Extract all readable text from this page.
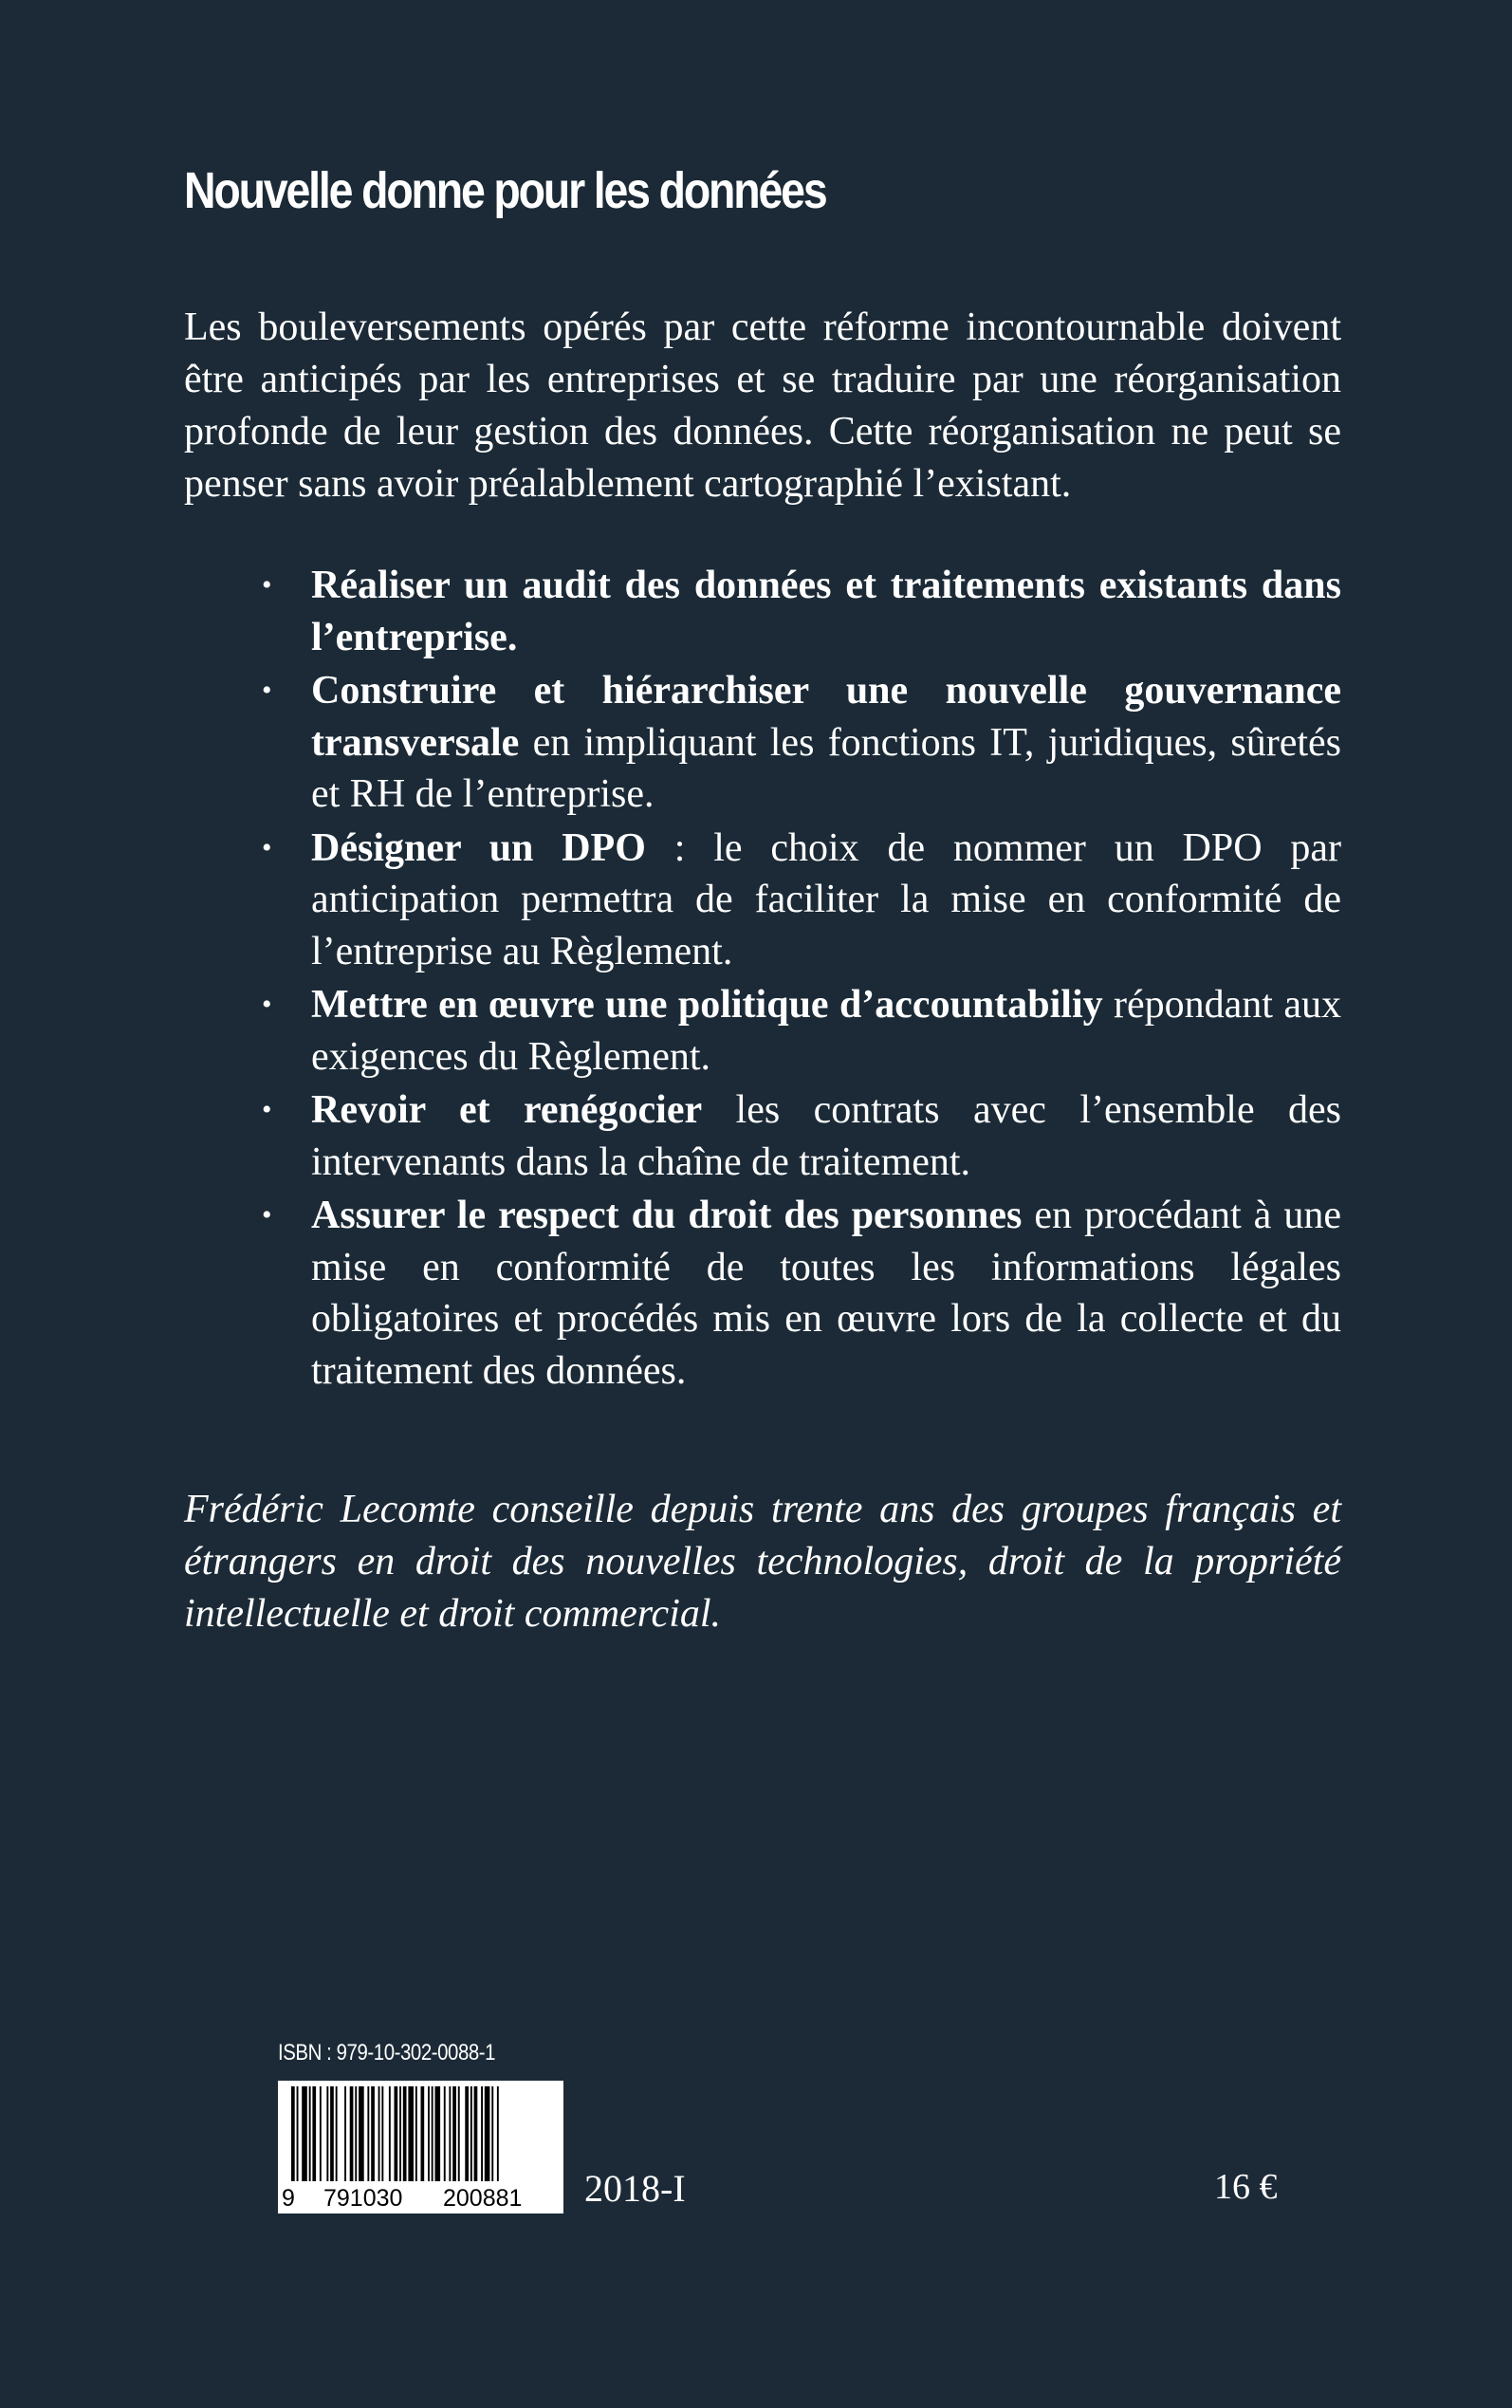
Nouvelle donne pour les données

Les bouleversements opérés par cette réforme incontournable doivent être anticipés par les entreprises et se traduire par une réorganisation profonde de leur gestion des données. Cette réorganisation ne peut se penser sans avoir préalablement cartographié l’existant.

• Réaliser un audit des données et traitements existants dans l’entreprise.
• Construire et hiérarchiser une nouvelle gouvernance transversale en impliquant les fonctions IT, juridiques, sûretés et RH de l’entreprise.
• Désigner un DPO : le choix de nommer un DPO par anticipation permettra de faciliter la mise en conformité de l’entreprise au Règlement.
• Mettre en œuvre une politique d’accountabiliy répondant aux exigences du Règlement.
• Revoir et renégocier les contrats avec l’ensemble des intervenants dans la chaîne de traitement.
• Assurer le respect du droit des personnes en procédant à une mise en conformité de toutes les informations légales obligatoires et procédés mis en œuvre lors de la collecte et du traitement des données.

Frédéric Lecomte conseille depuis trente ans des groupes français et étrangers en droit des nouvelles technologies, droit de la propriété intellectuelle et droit commercial.

ISBN : 979-10-302-0088-1
9 791030 200881 2018-I	16 €
